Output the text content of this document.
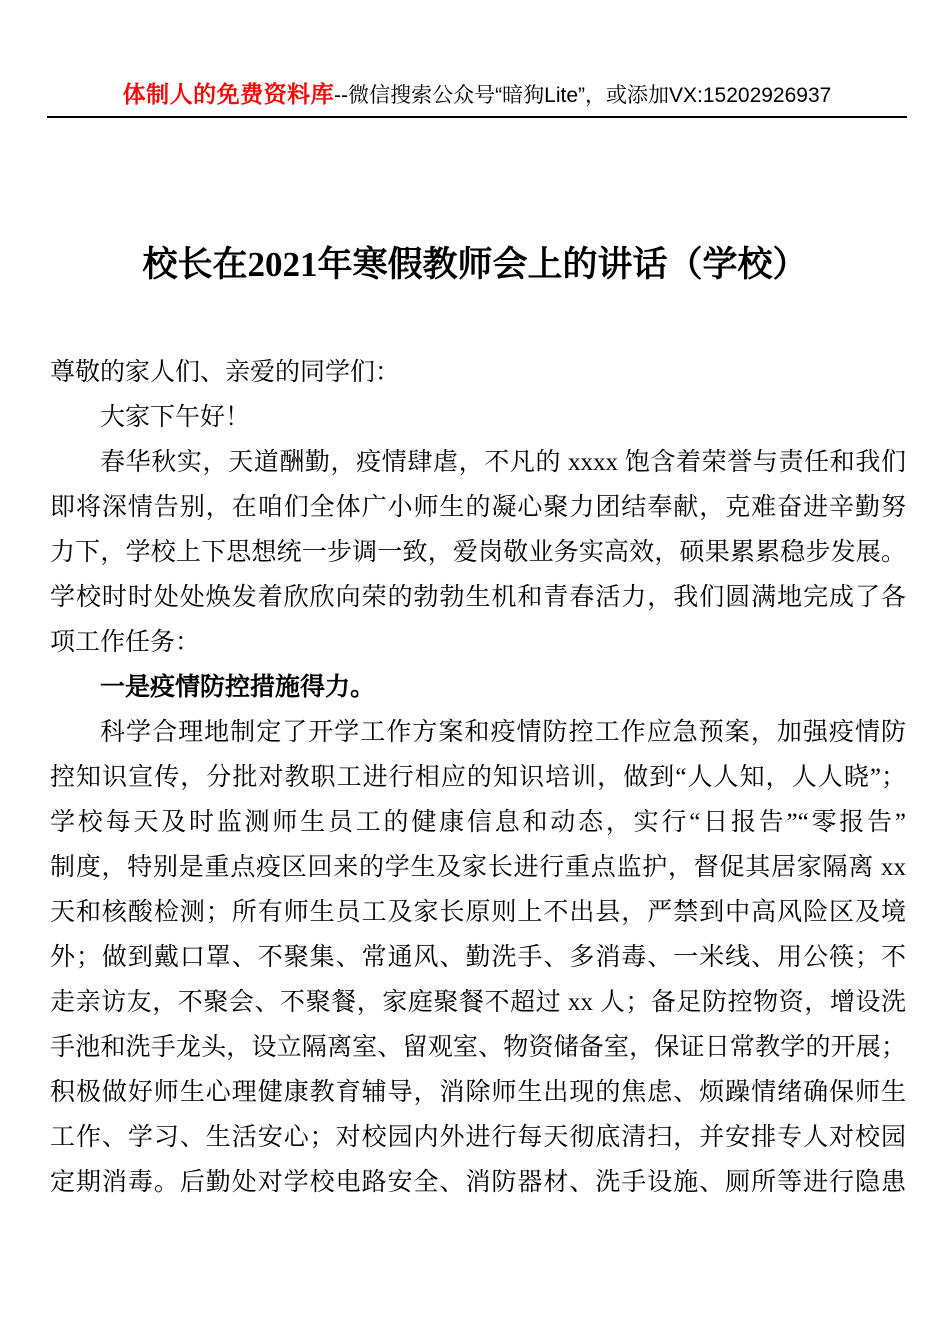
体制人的免费资料库--微信搜索公众号“暗狗Lite”，或添加VX:15202926937
校长在2021年寒假教师会上的讲话（学校）

尊敬的家人们、亲爱的同学们：

大家下午好！

春华秋实，天道酬勤，疫情肆虐，不凡的 xxxx 饱含着荣誉与责任和我们

即将深情告别，在咱们全体广小师生的凝心聚力团结奉献，克难奋进辛勤努

力下，学校上下思想统一步调一致，爱岗敬业务实高效，硕果累累稳步发展。

学校时时处处焕发着欣欣向荣的勃勃生机和青春活力，我们圆满地完成了各

项工作任务：

一是疫情防控措施得力。

科学合理地制定了开学工作方案和疫情防控工作应急预案，加强疫情防

控知识宣传，分批对教职工进行相应的知识培训，做到“人人知，人人晓”；

学校每天及时监测师生员工的健康信息和动态，实行“日报告”“零报告”

制度，特别是重点疫区回来的学生及家长进行重点监护，督促其居家隔离 xx

天和核酸检测；所有师生员工及家长原则上不出县，严禁到中高风险区及境

外；做到戴口罩、不聚集、常通风、勤洗手、多消毒、一米线、用公筷；不

走亲访友，不聚会、不聚餐，家庭聚餐不超过 xx 人；备足防控物资，增设洗

手池和洗手龙头，设立隔离室、留观室、物资储备室，保证日常教学的开展；

积极做好师生心理健康教育辅导，消除师生出现的焦虑、烦躁情绪确保师生

工作、学习、生活安心；对校园内外进行每天彻底清扫，并安排专人对校园

定期消毒。后勤处对学校电路安全、消防器材、洗手设施、厕所等进行隐患
